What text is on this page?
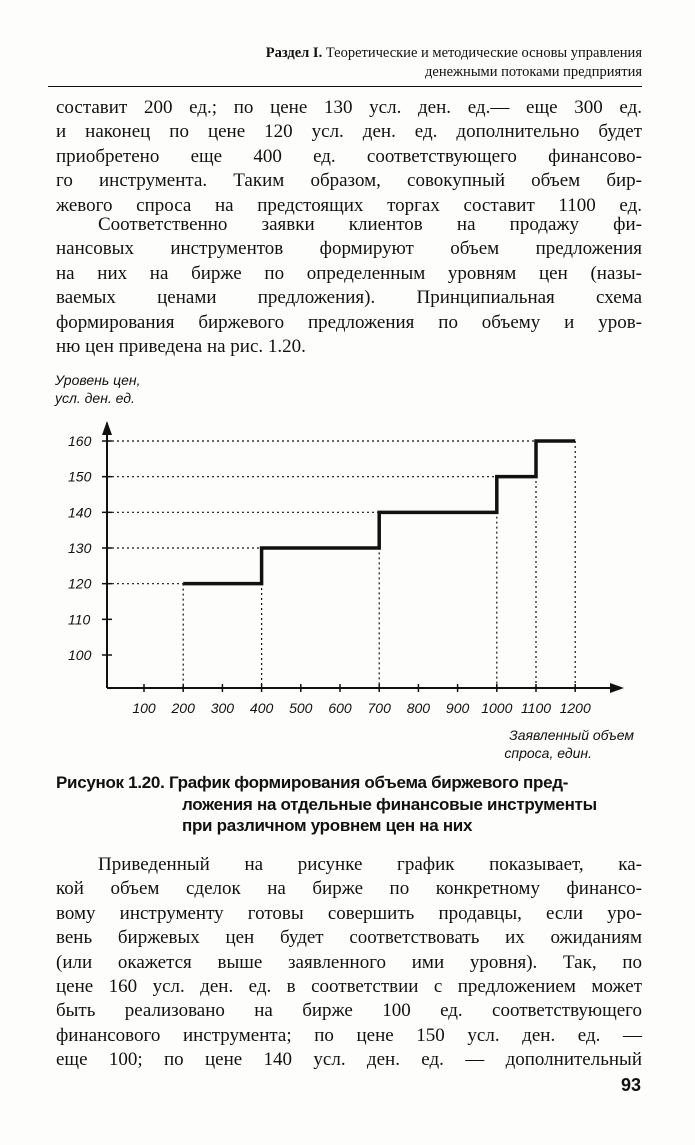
Раздел I. Теоретические и методические основы управления
денежными потоками предприятия
составит 200 ед.; по цене 130 усл. ден. ед.— еще 300 ед.
и наконец по цене 120 усл. ден. ед. дополнительно будет
приобретено еще 400 ед. соответствующего финансово-
го инструмента. Таким образом, совокупный объем бир-
жевого спроса на предстоящих торгах составит 1100 ед.
Соответственно заявки клиентов на продажу фи-
нансовых инструментов формируют объем предложения
на них на бирже по определенным уровням цен (назы-
ваемых ценами предложения). Принципиальная схема
формирования биржевого предложения по объему и уров-
ню цен приведена на рис. 1.20.
Уровень цен,
усл. ден. ед.
100
110
120
130
140
150
160
100 200 300 400 500 600 700 800 900 1000 1100 1200
Заявленный объем
спроса, един.
Рисунок 1.20. График формирования объема биржевого пред-
ложения на отдельные финансовые инструменты
при различном уровнем цен на них
Приведенный на рисунке график показывает, ка-
кой объем сделок на бирже по конкретному финансо-
вому инструменту готовы совершить продавцы, если уро-
вень биржевых цен будет соответствовать их ожиданиям
(или окажется выше заявленного ими уровня). Так, по
цене 160 усл. ден. ед. в соответствии с предложением может
быть реализовано на бирже 100 ед. соответствующего
финансового инструмента; по цене 150 усл. ден. ед. —
еще 100; по цене 140 усл. ден. ед. — дополнительный
93
